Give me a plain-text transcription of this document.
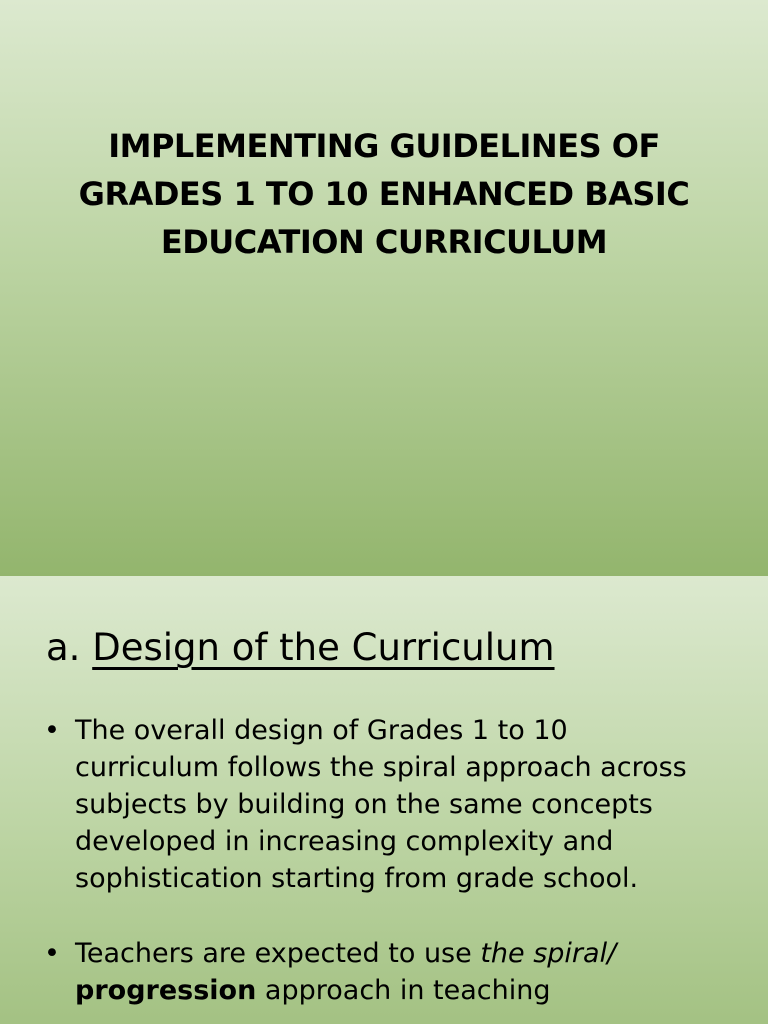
IMPLEMENTING GUIDELINES OF
GRADES 1 TO 10 ENHANCED BASIC
EDUCATION CURRICULUM
a. Design of the Curriculum
• The overall design of Grades 1 to 10
curriculum follows the spiral approach across
subjects by building on the same concepts
developed in increasing complexity and
sophistication starting from grade school.
• Teachers are expected to use the spiral/
progression approach in teaching
